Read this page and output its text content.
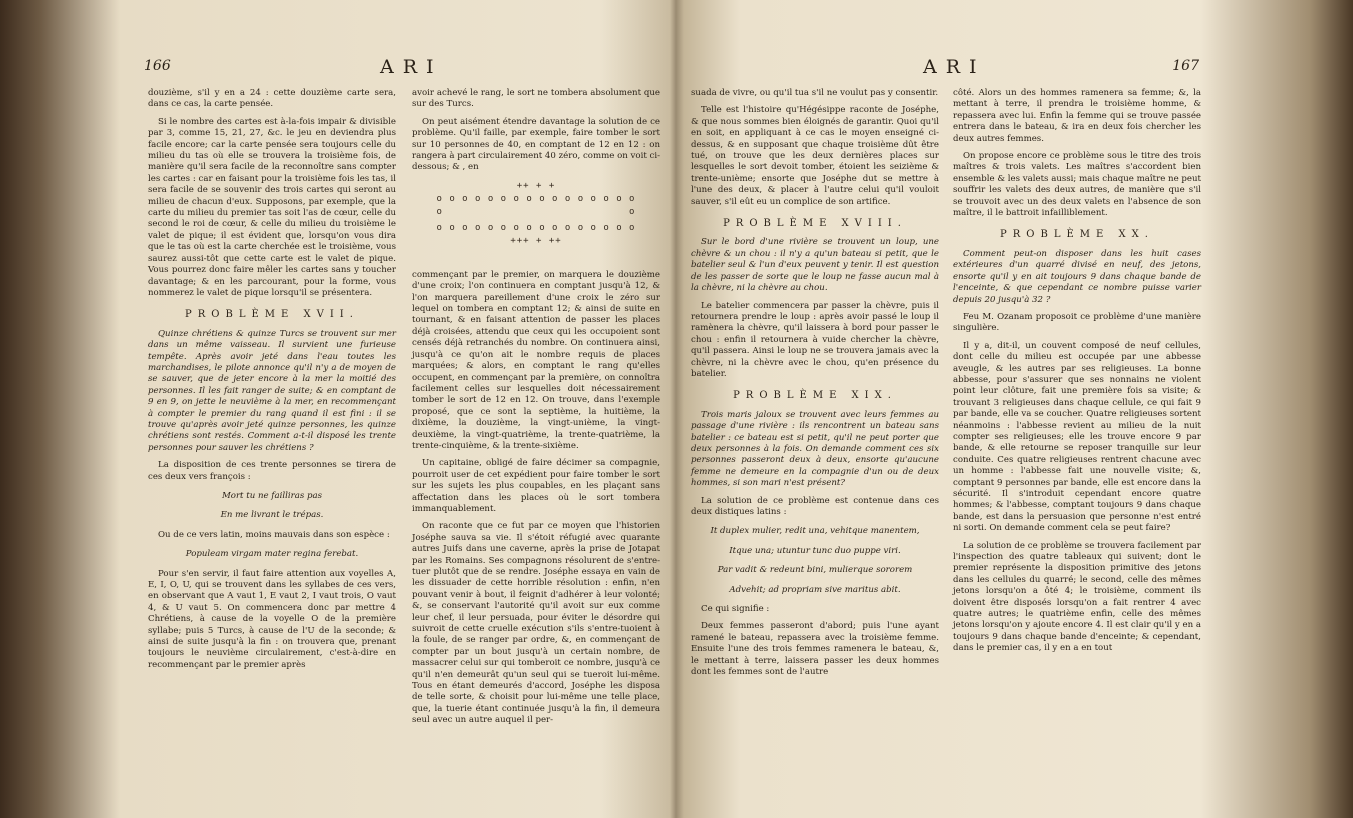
166	ARI

douzième, s'il y en a 24 : cette douzième carte sera, dans ce cas, la carte pensée.

Si le nombre des cartes est à-la-fois impair & divisible par 3, comme 15, 21, 27, &c. le jeu en deviendra plus facile encore; car la carte pensée sera toujours celle du milieu du tas où elle se trouvera la troisième fois, de manière qu'il sera facile de la reconnoître sans compter les cartes : car en faisant pour la troisième fois les tas, il sera facile de se souvenir des trois cartes qui seront au milieu de chacun d'eux. Supposons, par exemple, que la carte du milieu du premier tas soit l'as de cœur, celle du second le roi de cœur, & celle du milieu du troisième le valet de pique; il est évident que, lorsqu'on vous dira que le tas où est la carte cherchée est le troisième, vous saurez aussi-tôt que cette carte est le valet de pique. Vous pourrez donc faire mêler les cartes sans y toucher davantage; & en les parcourant, pour la forme, vous nommerez le valet de pique lorsqu'il se présentera.

PROBLÈME XVII.

Quinze chrétiens & quinze Turcs se trouvent sur mer dans un même vaisseau. Il survient une furieuse tempête. Après avoir jeté dans l'eau toutes les marchandises, le pilote annonce qu'il n'y a de moyen de se sauver, que de jeter encore à la mer la moitié des personnes. Il les fait ranger de suite; & en comptant de 9 en 9, on jette le neuvième à la mer, en recommençant à compter le premier du rang quand il est fini : il se trouve qu'après avoir jeté quinze personnes, les quinze chrétiens sont restés. Comment a-t-il disposé les trente personnes pour sauver les chrétiens ?

La disposition de ces trente personnes se tirera de ces deux vers françois :

Mort tu ne failliras pas

En me livrant le trépas.

Ou de ce vers latin, moins mauvais dans son espèce :

Populeam virgam mater regina ferebat.

Pour s'en servir, il faut faire attention aux voyelles A, E, I, O, U, qui se trouvent dans les syllabes de ces vers, en observant que A vaut 1, E vaut 2, I vaut trois, O vaut 4, & U vaut 5. On commencera donc par mettre 4 Chrétiens, à cause de la voyelle O de la première syllabe; puis 5 Turcs, à cause de l'U de la seconde; & ainsi de suite jusqu'à la fin : on trouvera que, prenant toujours le neuvième circulairement, c'est-à-dire en recommençant par le premier après

avoir achevé le rang, le sort ne tombera absolument que sur des Turcs.

On peut aisément étendre davantage la solution de ce problème. Qu'il faille, par exemple, faire tomber le sort sur 10 personnes de 40, en comptant de 12 en 12 : on rangera à part circulairement 40 zéro, comme on voit ci-dessous; & , en

++ + +
o o o o o o o o o o o o o o o o
o                             o
o o o o o o o o o o o o o o o o
+++ + ++

commençant par le premier, on marquera le douzième d'une croix; l'on continuera en comptant jusqu'à 12, & l'on marquera pareillement d'une croix le zéro sur lequel on tombera en comptant 12; & ainsi de suite en tournant, & en faisant attention de passer les places déjà croisées, attendu que ceux qui les occupoient sont censés déjà retranchés du nombre. On continuera ainsi, jusqu'à ce qu'on ait le nombre requis de places marquées; & alors, en comptant le rang qu'elles occupent, en commençant par la première, on connoîtra facilement celles sur lesquelles doit nécessairement tomber le sort de 12 en 12. On trouve, dans l'exemple proposé, que ce sont la septième, la huitième, la dixième, la douzième, la vingt-unième, la vingt-deuxième, la vingt-quatrième, la trente-quatrième, la trente-cinquième, & la trente-sixième.

Un capitaine, obligé de faire décimer sa compagnie, pourroit user de cet expédient pour faire tomber le sort sur les sujets les plus coupables, en les plaçant sans affectation dans les places où le sort tombera immanquablement.

On raconte que ce fut par ce moyen que l'historien Joséphe sauva sa vie. Il s'étoit réfugié avec quarante autres Juifs dans une caverne, après la prise de Jotapat par les Romains. Ses compagnons résolurent de s'entre-tuer plutôt que de se rendre. Joséphe essaya en vain de les dissuader de cette horrible résolution : enfin, n'en pouvant venir à bout, il feignit d'adhérer à leur volonté; &, se conservant l'autorité qu'il avoit sur eux comme leur chef, il leur persuada, pour éviter le désordre qui suivroit de cette cruelle exécution s'ils s'entre-tuoient à la foule, de se ranger par ordre, &, en commençant de compter par un bout jusqu'à un certain nombre, de massacrer celui sur qui tomberoit ce nombre, jusqu'à ce qu'il n'en demeurât qu'un seul qui se tueroit lui-même. Tous en étant demeurés d'accord, Joséphe les disposa de telle sorte, & choisit pour lui-même une telle place, que, la tuerie étant continuée jusqu'à la fin, il demeura seul avec un autre auquel il per-

ARI	167

suada de vivre, ou qu'il tua s'il ne voulut pas y consentir.

Telle est l'histoire qu'Hégésippe raconte de Joséphe, & que nous sommes bien éloignés de garantir. Quoi qu'il en soit, en appliquant à ce cas le moyen enseigné ci-dessus, & en supposant que chaque troisième dût être tué, on trouve que les deux dernières places sur lesquelles le sort devoit tomber, étoient les seizième & trente-unième; ensorte que Joséphe dut se mettre à l'une des deux, & placer à l'autre celui qu'il vouloit sauver, s'il eût eu un complice de son artifice.

PROBLÈME XVIII.

Sur le bord d'une rivière se trouvent un loup, une chèvre & un chou : il n'y a qu'un bateau si petit, que le batelier seul & l'un d'eux peuvent y tenir. Il est question de les passer de sorte que le loup ne fasse aucun mal à la chèvre, ni la chèvre au chou.

Le batelier commencera par passer la chèvre, puis il retournera prendre le loup : après avoir passé le loup il ramènera la chèvre, qu'il laissera à bord pour passer le chou : enfin il retournera à vuide chercher la chèvre, qu'il passera. Ainsi le loup ne se trouvera jamais avec la chèvre, ni la chèvre avec le chou, qu'en présence du batelier.

PROBLÈME XIX.

Trois maris jaloux se trouvent avec leurs femmes au passage d'une rivière : ils rencontrent un bateau sans batelier : ce bateau est si petit, qu'il ne peut porter que deux personnes à la fois. On demande comment ces six personnes passeront deux à deux, ensorte qu'aucune femme ne demeure en la compagnie d'un ou de deux hommes, si son mari n'est présent?

La solution de ce problème est contenue dans ces deux distiques latins :

It duplex mulier, redit una, vehitque manentem,

Itque una; utuntur tunc duo puppe viri.

Par vadit & redeunt bini, mulierque sororem

Advehit; ad propriam sive maritus abit.

Ce qui signifie :

Deux femmes passeront d'abord; puis l'une ayant ramené le bateau, repassera avec la troisième femme. Ensuite l'une des trois femmes ramenera le bateau, &, le mettant à terre, laissera passer les deux hommes dont les femmes sont de l'autre

côté. Alors un des hommes ramenera sa femme; &, la mettant à terre, il prendra le troisième homme, & repassera avec lui. Enfin la femme qui se trouve passée entrera dans le bateau, & ira en deux fois chercher les deux autres femmes.

On propose encore ce problème sous le titre des trois maîtres & trois valets. Les maîtres s'accordent bien ensemble & les valets aussi; mais chaque maître ne peut souffrir les valets des deux autres, de manière que s'il se trouvoit avec un des deux valets en l'absence de son maître, il le battroit infailliblement.

PROBLÈME XX.

Comment peut-on disposer dans les huit cases extérieures d'un quarré divisé en neuf, des jetons, ensorte qu'il y en ait toujours 9 dans chaque bande de l'enceinte, & que cependant ce nombre puisse varier depuis 20 jusqu'à 32 ?

Feu M. Ozanam proposoit ce problème d'une manière singulière.

Il y a, dit-il, un couvent composé de neuf cellules, dont celle du milieu est occupée par une abbesse aveugle, & les autres par ses religieuses. La bonne abbesse, pour s'assurer que ses nonnains ne violent point leur clôture, fait une première fois sa visite; & trouvant 3 religieuses dans chaque cellule, ce qui fait 9 par bande, elle va se coucher. Quatre religieuses sortent néanmoins : l'abbesse revient au milieu de la nuit compter ses religieuses; elle les trouve encore 9 par bande, & elle retourne se reposer tranquille sur leur conduite. Ces quatre religieuses rentrent chacune avec un homme : l'abbesse fait une nouvelle visite; &, comptant 9 personnes par bande, elle est encore dans la sécurité. Il s'introduit cependant encore quatre hommes; & l'abbesse, comptant toujours 9 dans chaque bande, est dans la persuasion que personne n'est entré ni sorti. On demande comment cela se peut faire?

La solution de ce problème se trouvera facilement par l'inspection des quatre tableaux qui suivent; dont le premier représente la disposition primitive des jetons dans les cellules du quarré; le second, celle des mêmes jetons lorsqu'on a ôté 4; le troisième, comment ils doivent être disposés lorsqu'on a fait rentrer 4 avec quatre autres; le quatrième enfin, celle des mêmes jetons lorsqu'on y ajoute encore 4. Il est clair qu'il y en a toujours 9 dans chaque bande d'enceinte; & cependant, dans le premier cas, il y en a en tout
